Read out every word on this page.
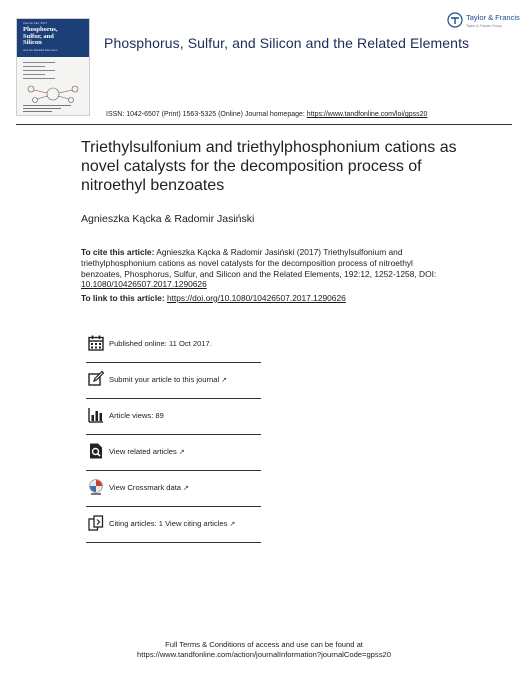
Volume 192, 2017
Phosphorus,
Sulfur, and
Silicon
and the Related Elements	Phosphorus, Sulfur, and Silicon and the Related Elements
Taylor & Francis
Taylor & Francis Group
ISSN: 1042-6507 (Print) 1563-5325 (Online) Journal homepage: https://www.tandfonline.com/loi/gpss20
Triethylsulfonium and triethylphosphonium cations as novel catalysts for the decomposition process of nitroethyl benzoates
Agnieszka Kącka & Radomir Jasiński
To cite this article: Agnieszka Kącka & Radomir Jasiński (2017) Triethylsulfonium and triethylphosphonium cations as novel catalysts for the decomposition process of nitroethyl benzoates, Phosphorus, Sulfur, and Silicon and the Related Elements, 192:12, 1252-1258, DOI: 10.1080/10426507.2017.1290626
To link to this article: https://doi.org/10.1080/10426507.2017.1290626
Published online: 11 Oct 2017.
Submit your article to this journal ↗
Article views: 89
View related articles ↗
View Crossmark data ↗
Citing articles: 1 View citing articles ↗
Full Terms & Conditions of access and use can be found at
https://www.tandfonline.com/action/journalInformation?journalCode=gpss20
